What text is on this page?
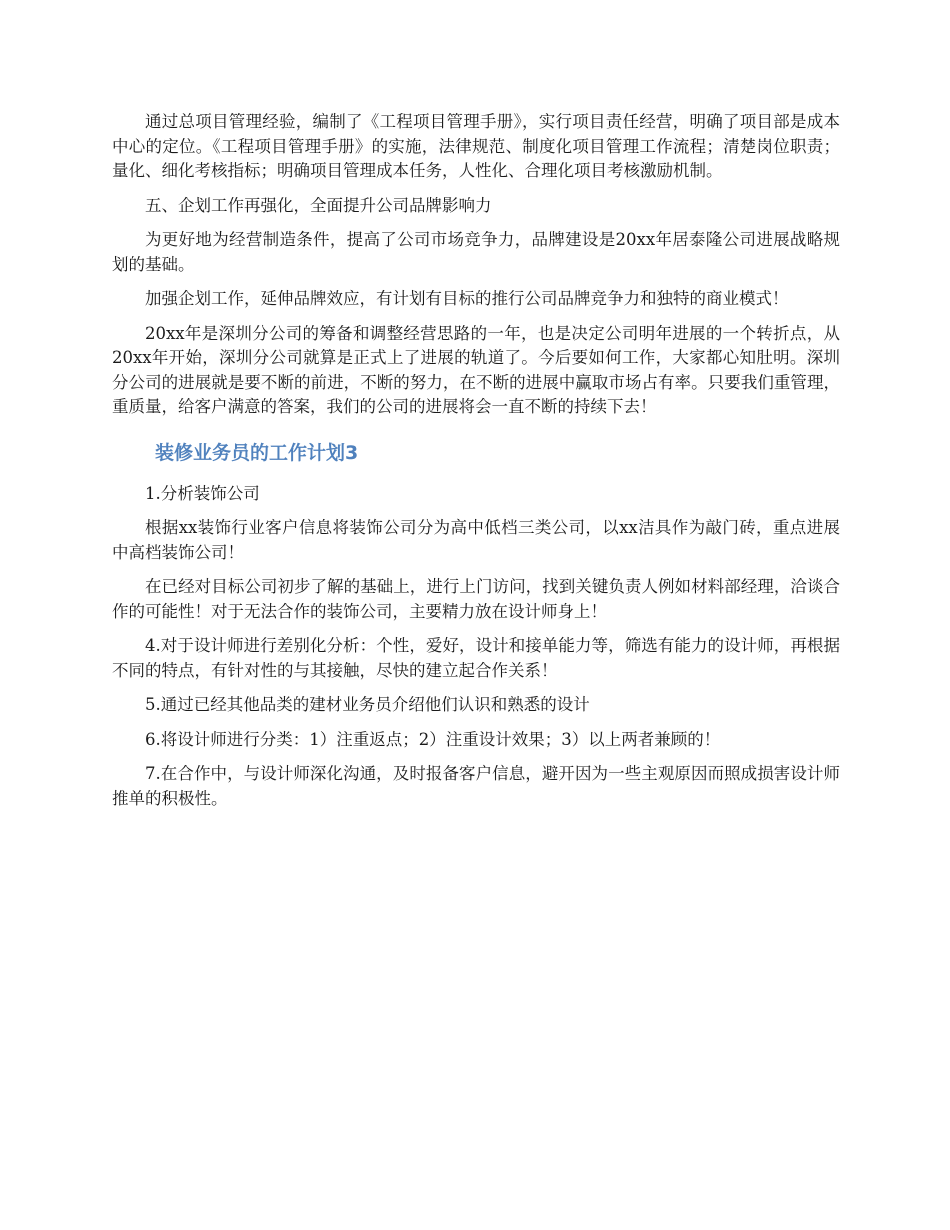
通过总项目管理经验，编制了《工程项目管理手册》，实行项目责任经营，明确了项目部是成本中心的定位。《工程项目管理手册》的实施，法律规范、制度化项目管理工作流程；清楚岗位职责；量化、细化考核指标；明确项目管理成本任务，人性化、合理化项目考核激励机制。

五、企划工作再强化，全面提升公司品牌影响力

为更好地为经营制造条件，提高了公司市场竞争力，品牌建设是20xx年居泰隆公司进展战略规划的基础。

加强企划工作，延伸品牌效应，有计划有目标的推行公司品牌竞争力和独特的商业模式！

20xx年是深圳分公司的筹备和调整经营思路的一年，也是决定公司明年进展的一个转折点，从20xx年开始，深圳分公司就算是正式上了进展的轨道了。今后要如何工作，大家都心知肚明。深圳分公司的进展就是要不断的前进，不断的努力，在不断的进展中赢取市场占有率。只要我们重管理，重质量，给客户满意的答案，我们的公司的进展将会一直不断的持续下去！

装修业务员的工作计划3

1.分析装饰公司

根据xx装饰行业客户信息将装饰公司分为高中低档三类公司，以xx洁具作为敲门砖，重点进展中高档装饰公司！

在已经对目标公司初步了解的基础上，进行上门访问，找到关键负责人例如材料部经理，洽谈合作的可能性！对于无法合作的装饰公司，主要精力放在设计师身上！

4.对于设计师进行差别化分析：个性，爱好，设计和接单能力等，筛选有能力的设计师，再根据不同的特点，有针对性的与其接触，尽快的建立起合作关系！

5.通过已经其他品类的建材业务员介绍他们认识和熟悉的设计

6.将设计师进行分类：1）注重返点；2）注重设计效果；3）以上两者兼顾的！

7.在合作中，与设计师深化沟通，及时报备客户信息，避开因为一些主观原因而照成损害设计师推单的积极性。
